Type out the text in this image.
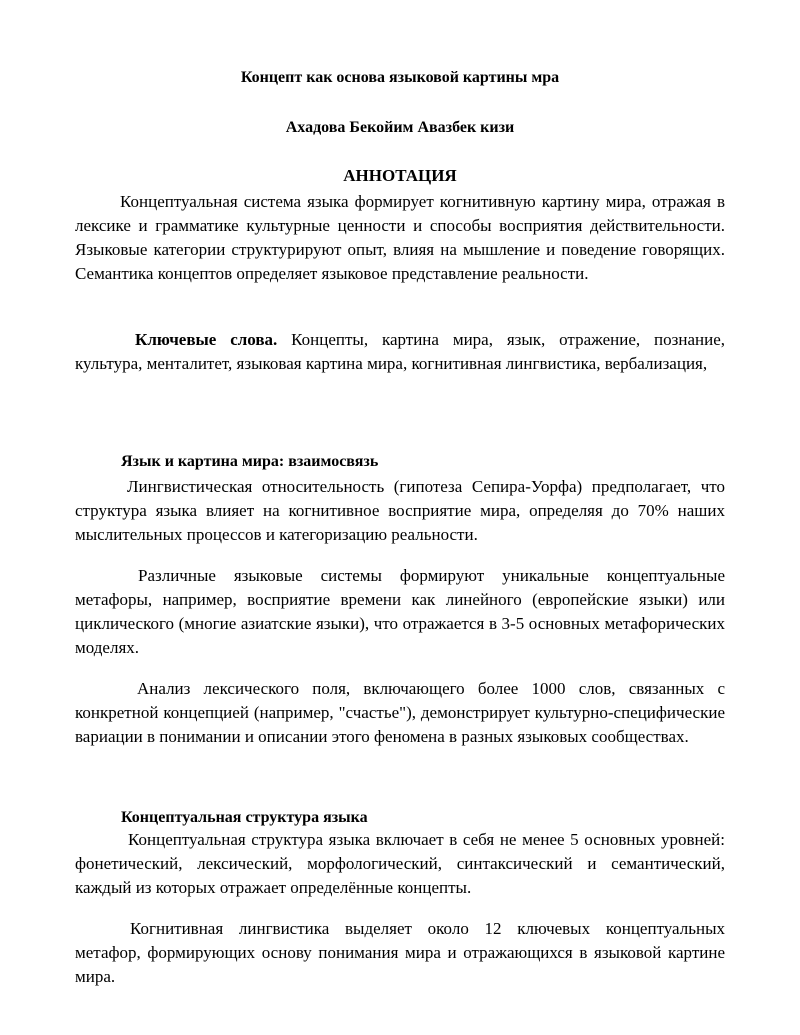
Концепт как основа языковой картины мра
Ахадова Бекойим Авазбек кизи
АННОТАЦИЯ
Концептуальная система языка формирует когнитивную картину мира, отражая в лексике и грамматике культурные ценности и способы восприятия действительности. Языковые категории структурируют опыт, влияя на мышление и поведение говорящих. Семантика концептов определяет языковое представление реальности.
Ключевые слова. Концепты, картина мира, язык, отражение, познание, культура, менталитет, языковая картина мира, когнитивная лингвистика, вербализация,
Язык и картина мира: взаимосвязь
Лингвистическая относительность (гипотеза Сепира-Уорфа) предполагает, что структура языка влияет на когнитивное восприятие мира, определяя до 70% наших мыслительных процессов и категоризацию реальности.
Различные языковые системы формируют уникальные концептуальные метафоры, например, восприятие времени как линейного (европейские языки) или циклического (многие азиатские языки), что отражается в 3-5 основных метафорических моделях.
Анализ лексического поля, включающего более 1000 слов, связанных с конкретной концепцией (например, "счастье"), демонстрирует культурно-специфические вариации в понимании и описании этого феномена в разных языковых сообществах.
Концептуальная структура языка
Концептуальная структура языка включает в себя не менее 5 основных уровней: фонетический, лексический, морфологический, синтаксический и семантический, каждый из которых отражает определённые концепты.
Когнитивная лингвистика выделяет около 12 ключевых концептуальных метафор, формирующих основу понимания мира и отражающихся в языковой картине мира.
